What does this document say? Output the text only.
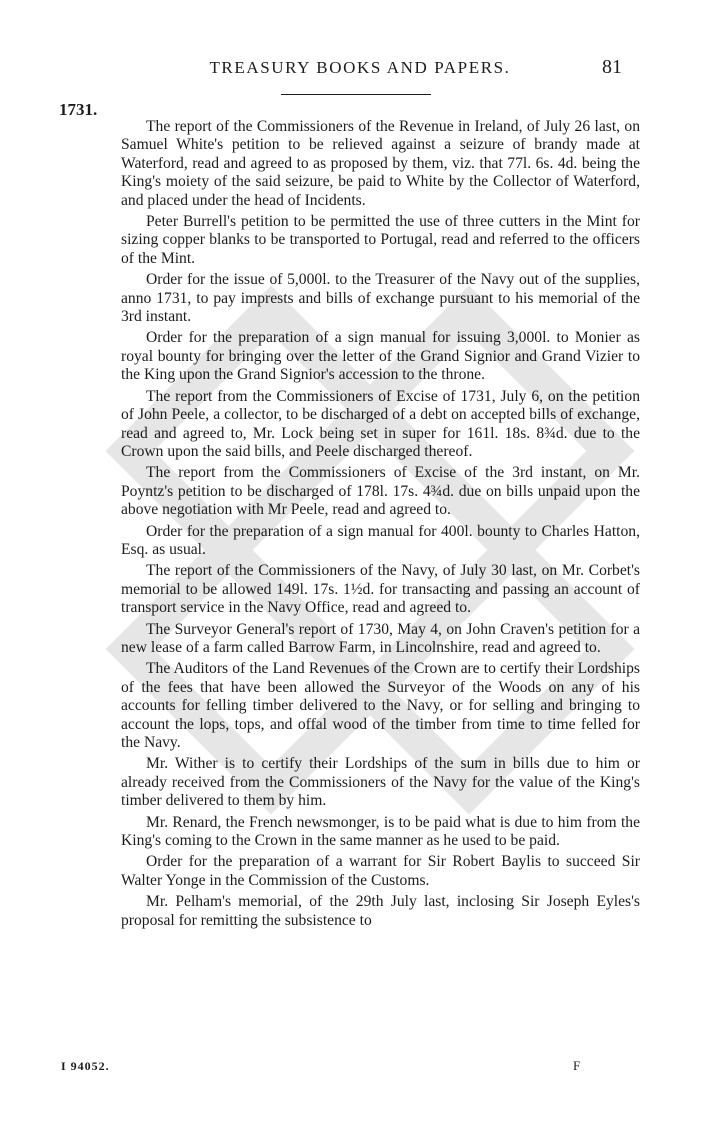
TREASURY BOOKS AND PAPERS.	81
1731.

The report of the Commissioners of the Revenue in Ireland, of July 26 last, on Samuel White's petition to be relieved against a seizure of brandy made at Waterford, read and agreed to as proposed by them, viz. that 77l. 6s. 4d. being the King's moiety of the said seizure, be paid to White by the Collector of Waterford, and placed under the head of Incidents.

Peter Burrell's petition to be permitted the use of three cutters in the Mint for sizing copper blanks to be transported to Portugal, read and referred to the officers of the Mint.

Order for the issue of 5,000l. to the Treasurer of the Navy out of the supplies, anno 1731, to pay imprests and bills of exchange pursuant to his memorial of the 3rd instant.

Order for the preparation of a sign manual for issuing 3,000l. to Monier as royal bounty for bringing over the letter of the Grand Signior and Grand Vizier to the King upon the Grand Signior's accession to the throne.

The report from the Commissioners of Excise of 1731, July 6, on the petition of John Peele, a collector, to be discharged of a debt on accepted bills of exchange, read and agreed to, Mr. Lock being set in super for 161l. 18s. 8¾d. due to the Crown upon the said bills, and Peele discharged thereof.

The report from the Commissioners of Excise of the 3rd instant, on Mr. Poyntz's petition to be discharged of 178l. 17s. 4¾d. due on bills unpaid upon the above negotiation with Mr Peele, read and agreed to.

Order for the preparation of a sign manual for 400l. bounty to Charles Hatton, Esq. as usual.

The report of the Commissioners of the Navy, of July 30 last, on Mr. Corbet's memorial to be allowed 149l. 17s. 1½d. for transacting and passing an account of transport service in the Navy Office, read and agreed to.

The Surveyor General's report of 1730, May 4, on John Craven's petition for a new lease of a farm called Barrow Farm, in Lincolnshire, read and agreed to.

The Auditors of the Land Revenues of the Crown are to certify their Lordships of the fees that have been allowed the Surveyor of the Woods on any of his accounts for felling timber delivered to the Navy, or for selling and bringing to account the lops, tops, and offal wood of the timber from time to time felled for the Navy.

Mr. Wither is to certify their Lordships of the sum in bills due to him or already received from the Commissioners of the Navy for the value of the King's timber delivered to them by him.

Mr. Renard, the French newsmonger, is to be paid what is due to him from the King's coming to the Crown in the same manner as he used to be paid.

Order for the preparation of a warrant for Sir Robert Baylis to succeed Sir Walter Yonge in the Commission of the Customs.

Mr. Pelham's memorial, of the 29th July last, inclosing Sir Joseph Eyles's proposal for remitting the subsistence to

I 94052.	F
